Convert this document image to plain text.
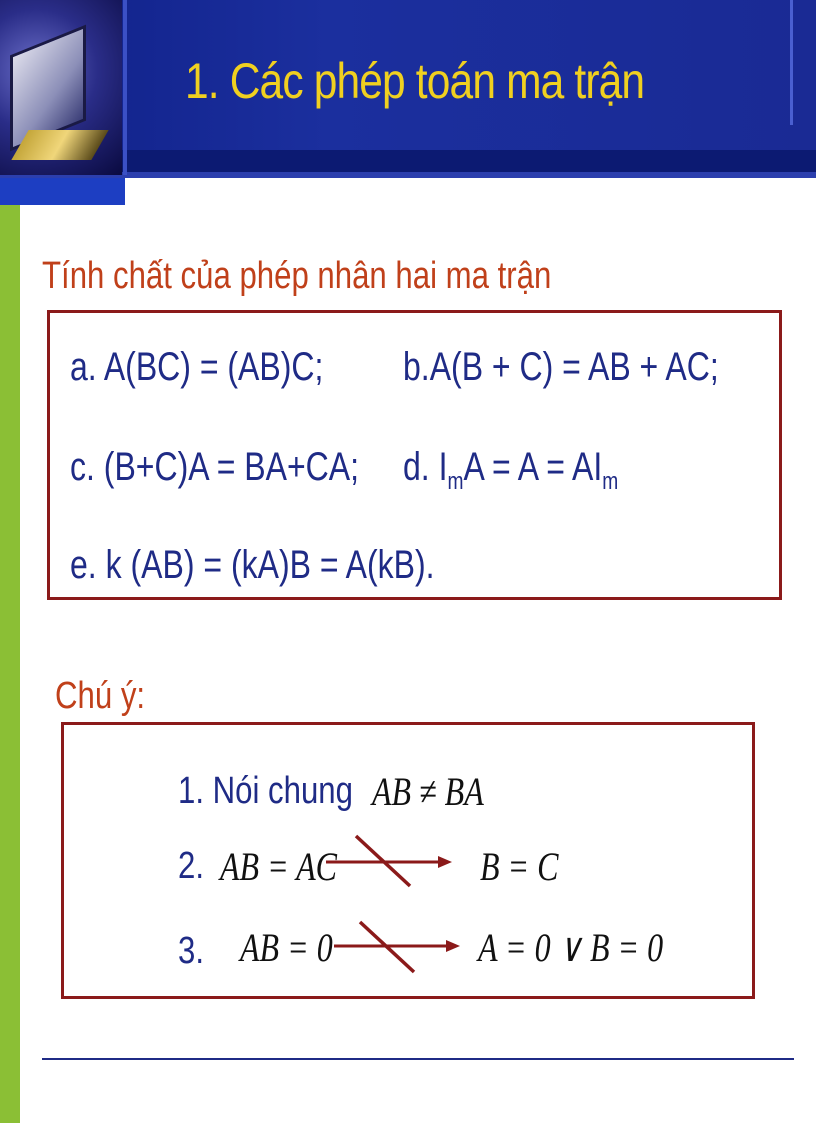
1. Các phép toán ma trận
Tính chất của phép nhân hai ma trận
a. A(BC) = (AB)C; b.A(B + C) = AB + AC;
c. (B+C)A = BA+CA; d. $I_mA = A = AI_m$
e. k (AB) = (kA)B = A(kB).
Chú ý:
1. Nói chung AB ≠ BA
2. AB = AC	B = C
3. AB = 0	A = 0 ∨ B = 0
